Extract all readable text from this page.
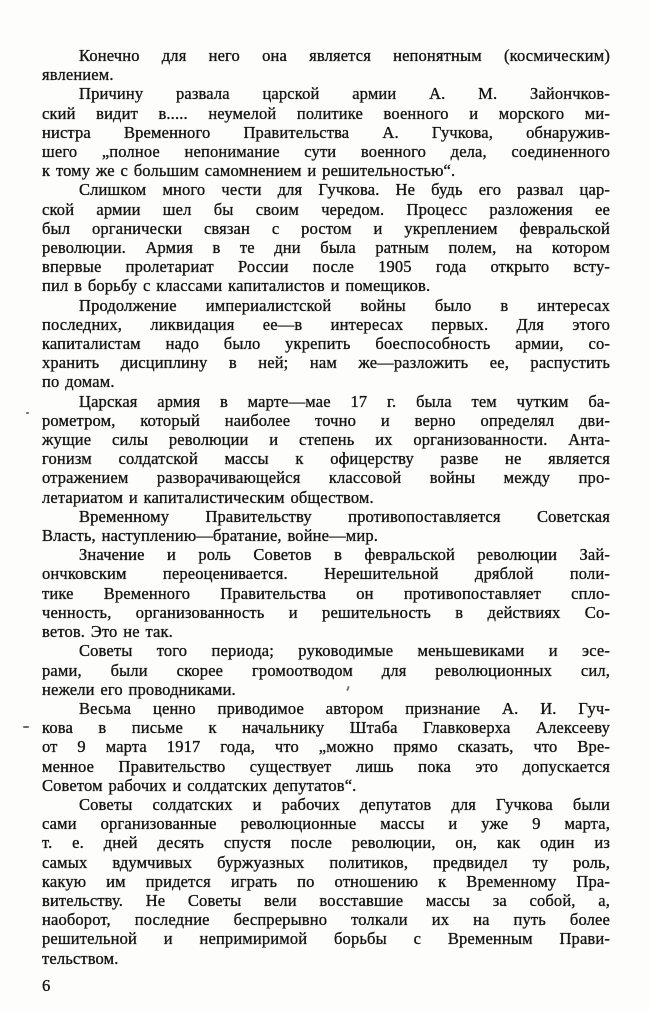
Конечно для него она является непонятным (космическим)
явлением.
Причину развала царской армии А. М. Зайончков-
ский видит в..... неумелой политике военного и морского ми-
нистра Временного Правительства А. Гучкова, обнаружив-
шего „полное непонимание сути военного дела, соединенного
к тому же с большим самомнением и решительностью“.
Слишком много чести для Гучкова. Не будь его развал цар-
ской армии шел бы своим чередом. Процесс разложения ее
был органически связан с ростом и укреплением февральской
революции. Армия в те дни была ратным полем, на котором
впервые пролетариат России после 1905 года открыто всту-
пил в борьбу с классами капиталистов и помещиков.
Продолжение империалистской войны было в интересах
последних, ликвидация ее—в интересах первых. Для этого
капиталистам надо было укрепить боеспособность армии, со-
хранить дисциплину в ней; нам же—разложить ее, распустить
по домам.
Царская армия в марте—мае 17 г. была тем чутким ба-
рометром, который наиболее точно и верно определял дви-
жущие силы революции и степень их организованности. Анта-
гонизм солдатской массы к офицерству разве не является
отражением разворачивающейся классовой войны между про-
летариатом и капиталистическим обществом.
Временному Правительству противопоставляется Советская
Власть, наступлению—братание, войне—мир.
Значение и роль Советов в февральской революции Зай-
ончковским переоценивается. Нерешительной дряблой поли-
тике Временного Правительства он противопоставляет спло-
ченность, организованность и решительность в действиях Со-
ветов. Это не так.
Советы того периода; руководимые меньшевиками и эсе-
рами, были скорее громоотводом для революционных сил,
нежели его проводниками.
Весьма ценно приводимое автором признание А. И. Гуч-
кова в письме к начальнику Штаба Главковерха Алексееву
от 9 марта 1917 года, что „можно прямо сказать, что Вре-
менное Правительство существует лишь пока это допускается
Советом рабочих и солдатских депутатов“.
Советы солдатских и рабочих депутатов для Гучкова были
сами организованные революционные массы и уже 9 марта,
т. е. дней десять спустя после революции, он, как один из
самых вдумчивых буржуазных политиков, предвидел ту роль,
какую им придется играть по отношению к Временному Пра-
вительству. Не Советы вели восставшие массы за собой, а,
наоборот, последние беспрерывно толкали их на путь более
решительной и непримиримой борьбы с Временным Прави-
тельством.
6
